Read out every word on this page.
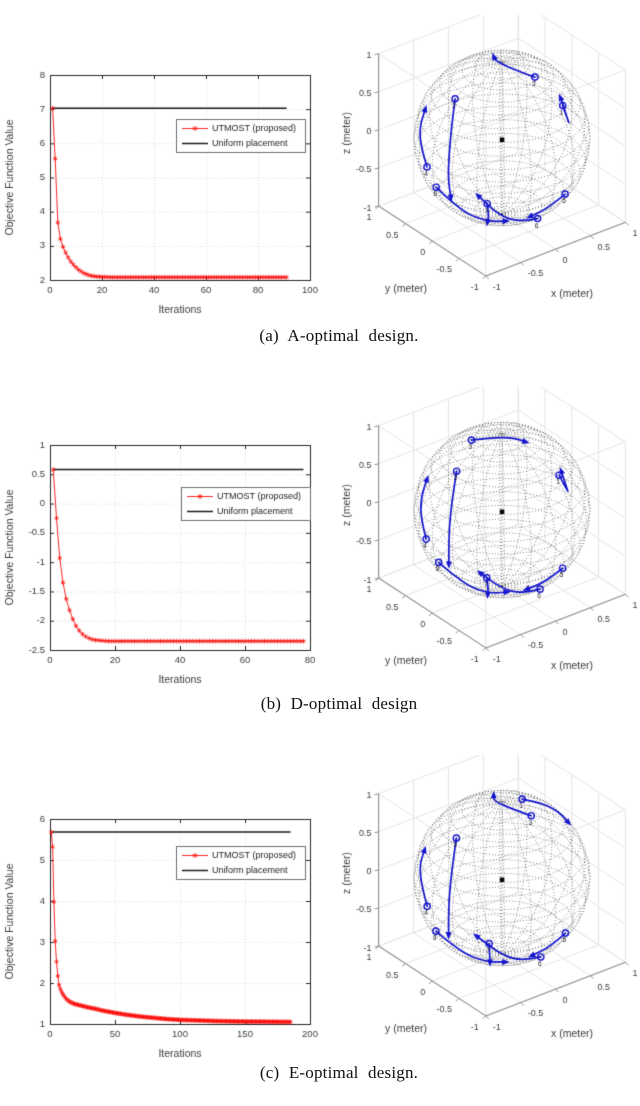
(a) A-optimal design.
(b) D-optimal design
(c) E-optimal design.
